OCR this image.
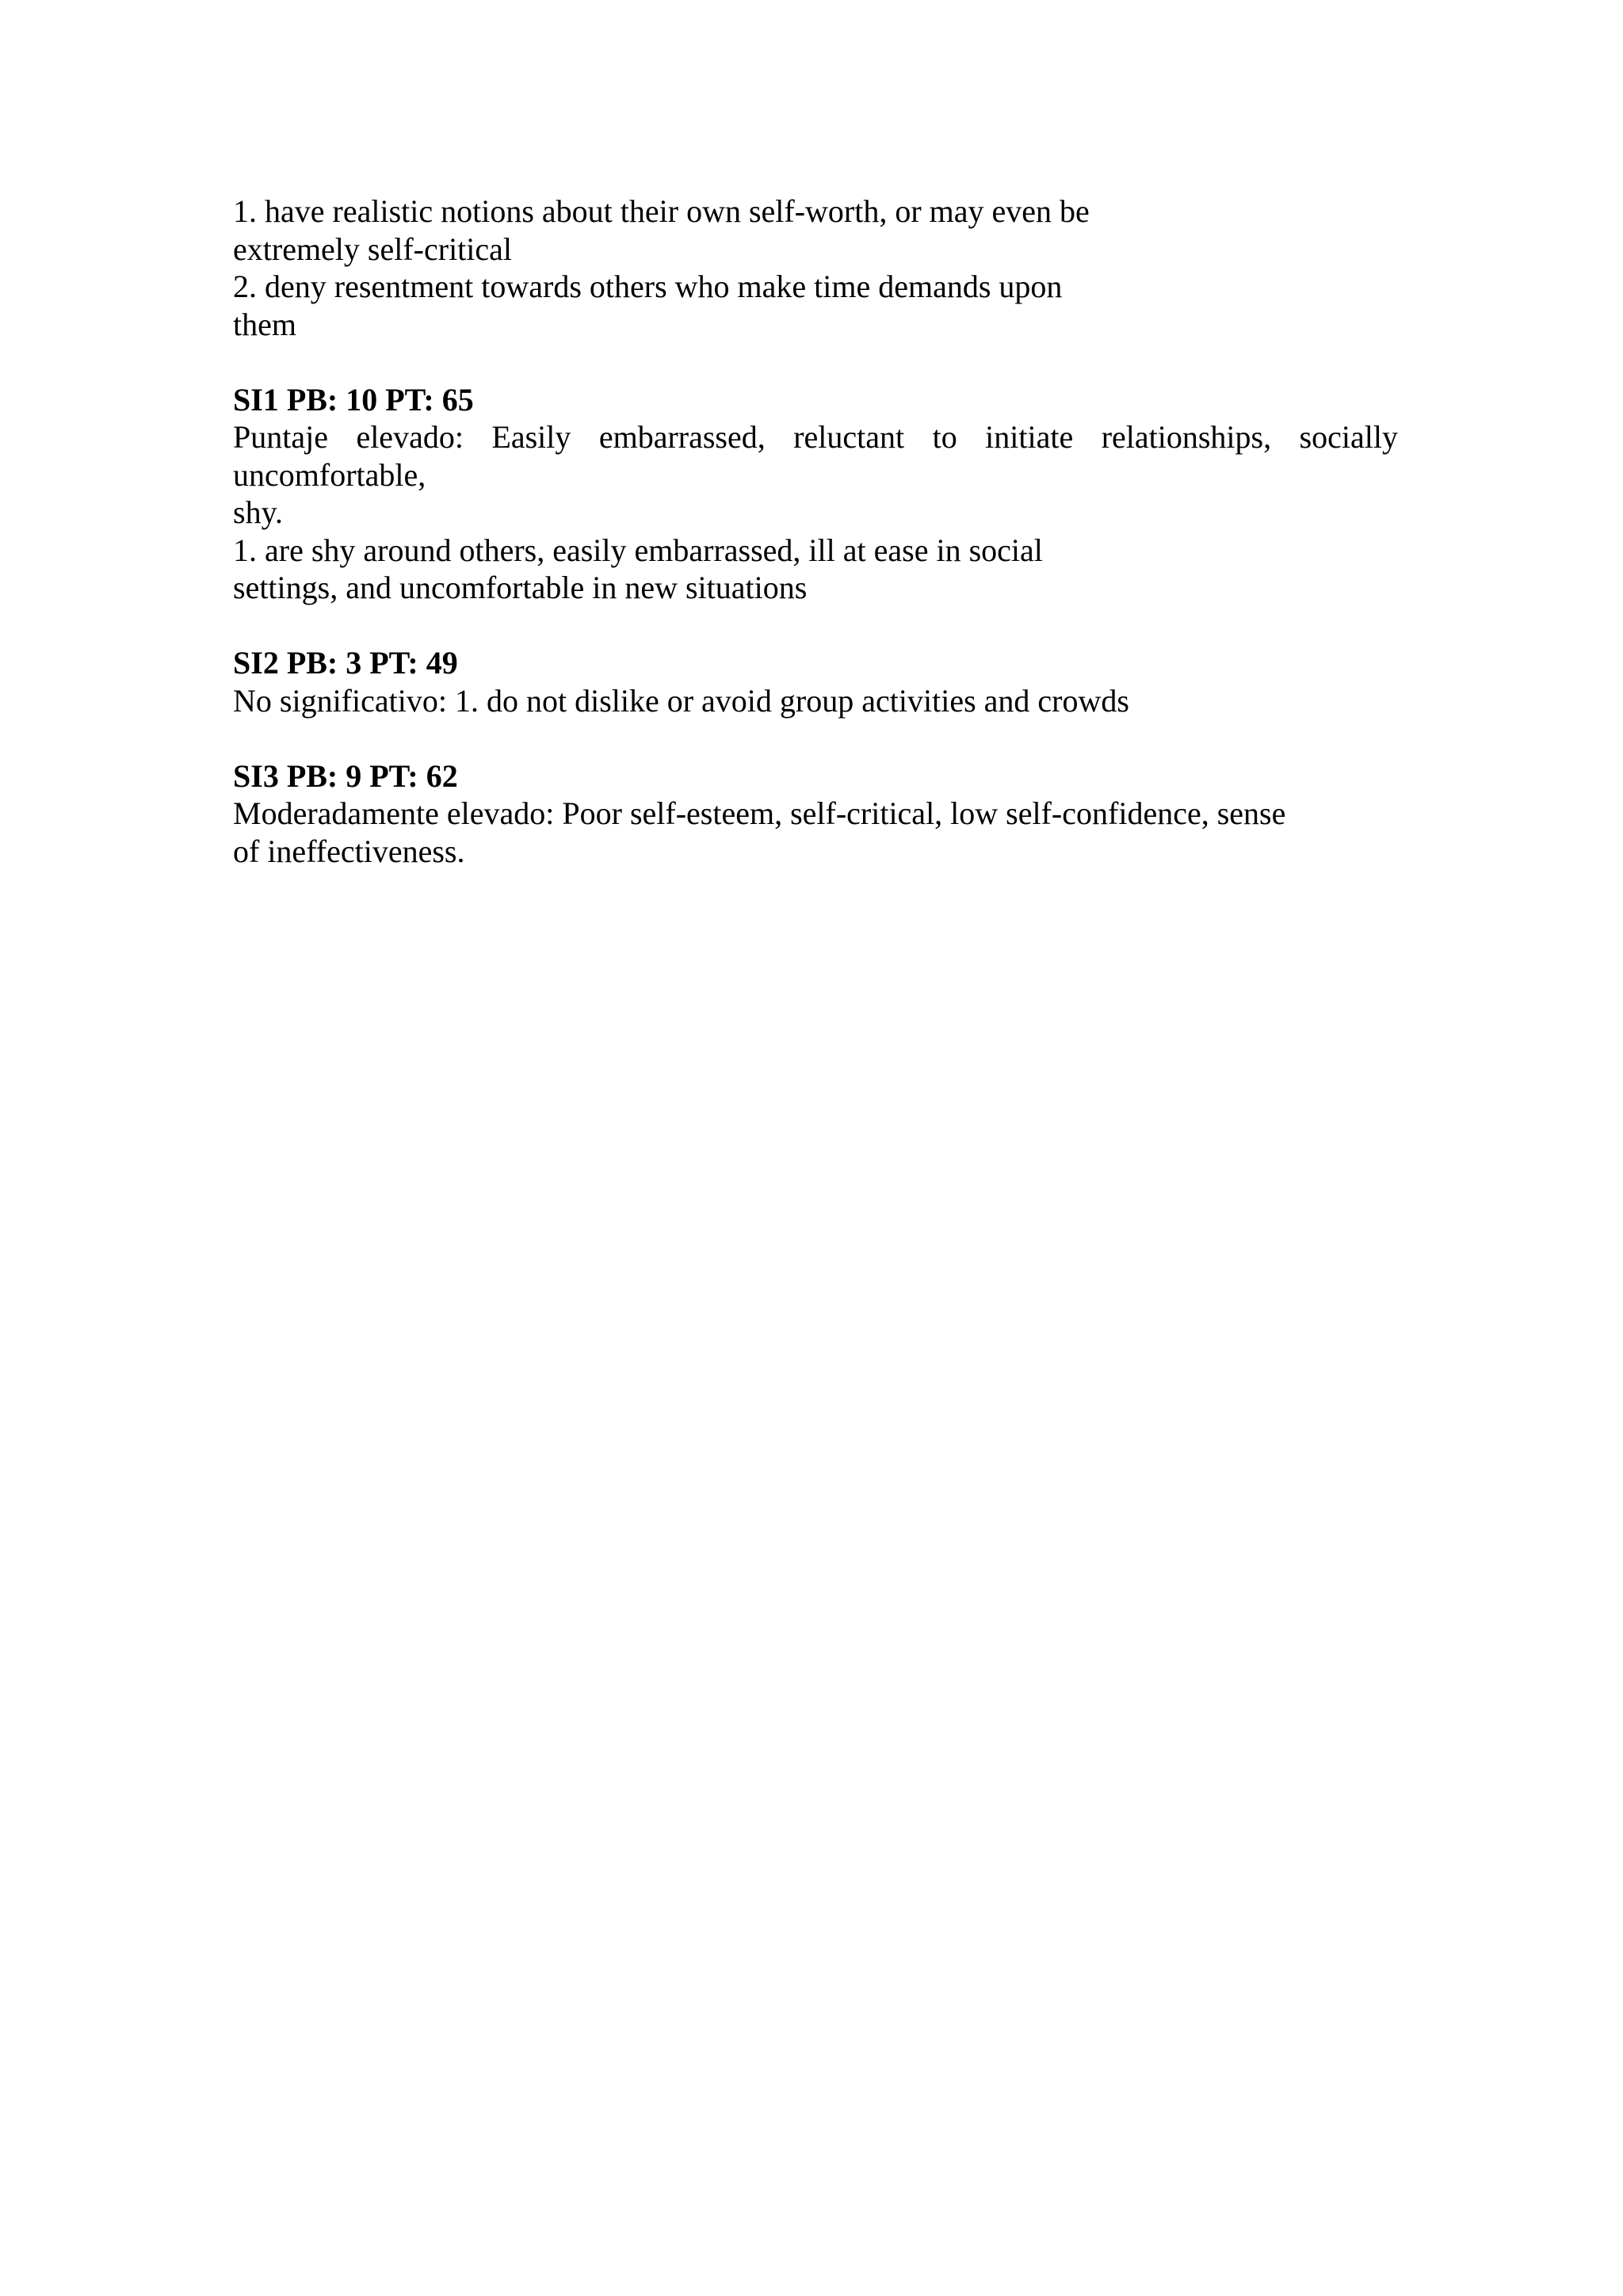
1. have realistic notions about their own self-worth, or may even be
extremely self-critical
2. deny resentment towards others who make time demands upon
them
SI1 PB: 10 PT: 65
Puntaje elevado: Easily embarrassed, reluctant to initiate relationships, socially
uncomfortable,
shy.
1. are shy around others, easily embarrassed, ill at ease in social
settings, and uncomfortable in new situations
SI2 PB: 3 PT: 49
No significativo: 1. do not dislike or avoid group activities and crowds
SI3 PB: 9 PT: 62
Moderadamente elevado: Poor self-esteem, self-critical, low self-confidence, sense
of ineffectiveness.
